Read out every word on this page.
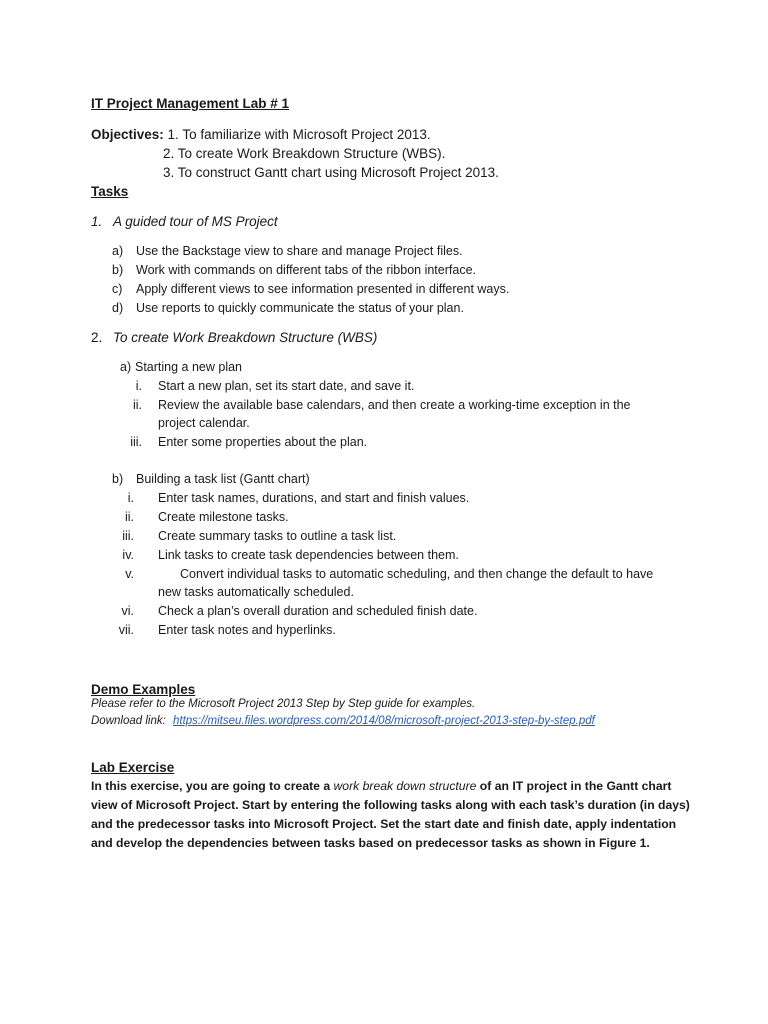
IT Project Management Lab # 1
Objectives: 1. To familiarize with Microsoft Project 2013.
2. To create Work Breakdown Structure (WBS).
3. To construct Gantt chart using Microsoft Project 2013.
Tasks
1. A guided tour of MS Project
a) Use the Backstage view to share and manage Project files.
b) Work with commands on different tabs of the ribbon interface.
c) Apply different views to see information presented in different ways.
d) Use reports to quickly communicate the status of your plan.
2. To create Work Breakdown Structure (WBS)
a) Starting a new plan
i. Start a new plan, set its start date, and save it.
ii. Review the available base calendars, and then create a working-time exception in the
project calendar.
iii. Enter some properties about the plan.
b) Building a task list (Gantt chart)
i. Enter task names, durations, and start and finish values.
ii. Create milestone tasks.
iii. Create summary tasks to outline a task list.
iv. Link tasks to create task dependencies between them.
v.	Convert individual tasks to automatic scheduling, and then change the default to have
new tasks automatically scheduled.
vi. Check a plan’s overall duration and scheduled finish date.
vii. Enter task notes and hyperlinks.
Demo Examples
Please refer to the Microsoft Project 2013 Step by Step guide for examples.
Download link: https://mitseu.files.wordpress.com/2014/08/microsoft-project-2013-step-by-step.pdf
Lab Exercise
In this exercise, you are going to create a work break down structure of an IT project in the Gantt chart
view of Microsoft Project. Start by entering the following tasks along with each task’s duration (in days)
and the predecessor tasks into Microsoft Project. Set the start date and finish date, apply indentation
and develop the dependencies between tasks based on predecessor tasks as shown in Figure 1.
